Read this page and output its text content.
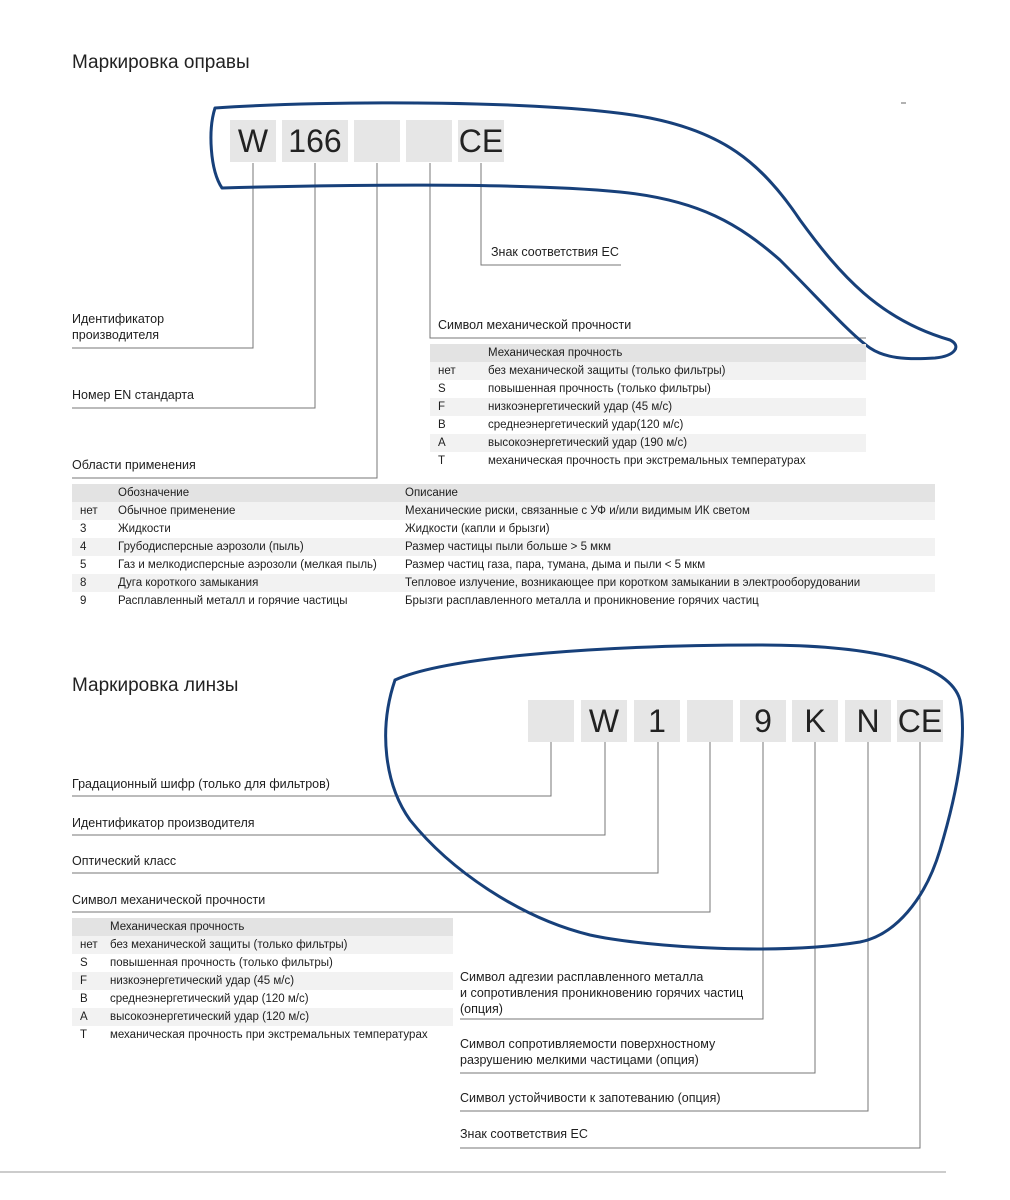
Маркировка оправы
W 166	CE
Знак соответствия ЕС
Идентификатор
производителя
Символ механической прочности
Номер EN стандарта
Области применения
	Механическая прочность
нет	без механической защиты (только фильтры)
S	повышенная прочность (только фильтры)
F	низкоэнергетический удар (45 м/с)
B	среднеэнергетический удар(120 м/с)
A	высокоэнергетический удар (190 м/с)
T	механическая прочность при экстремальных температурах
	Обозначение	Описание
нет	Обычное применение	Механические риски, связанные с УФ и/или видимым ИК светом
3	Жидкости	Жидкости (капли и брызги)
4	Грубодисперсные аэрозоли (пыль)	Размер частицы пыли больше > 5 мкм
5	Газ и мелкодисперсные аэрозоли (мелкая пыль)	Размер частиц газа, пара, тумана, дыма и пыли < 5 мкм
8	Дуга короткого замыкания	Тепловое излучение, возникающее при коротком замыкании в электрооборудовании
9	Расплавленный металл и горячие частицы	Брызги расплавленного металла и проникновение горячих частиц
Маркировка линзы
W 1	9	K N CE
Градационный шифр (только для фильтров)
Идентификатор производителя
Оптический класс
Символ механической прочности
Символ адгезии расплавленного металла
и сопротивления проникновению горячих частиц
(опция)
Символ сопротивляемости поверхностному
разрушению мелкими частицами (опция)
Символ устойчивости к запотеванию (опция)
Знак соответствия ЕС
	Механическая прочность
нет	без механической защиты (только фильтры)
S	повышенная прочность (только фильтры)
F	низкоэнергетический удар (45 м/с)
B	среднеэнергетический удар (120 м/с)
A	высокоэнергетический удар (120 м/с)
T	механическая прочность при экстремальных температурах
